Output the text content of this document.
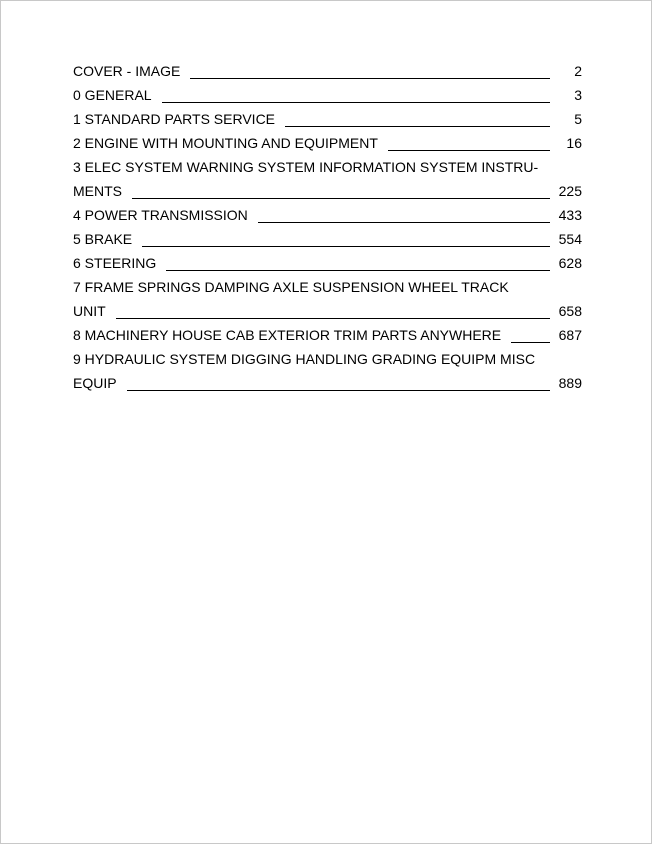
COVER - IMAGE	2
0 GENERAL	3
1 STANDARD PARTS SERVICE	5
2 ENGINE WITH MOUNTING AND EQUIPMENT	16
3 ELEC SYSTEM WARNING SYSTEM INFORMATION SYSTEM INSTRU-
MENTS	225
4 POWER TRANSMISSION	433
5 BRAKE	554
6 STEERING	628
7 FRAME SPRINGS DAMPING AXLE SUSPENSION WHEEL TRACK
UNIT	658
8 MACHINERY HOUSE CAB EXTERIOR TRIM PARTS ANYWHERE	687
9 HYDRAULIC SYSTEM DIGGING HANDLING GRADING EQUIPM MISC
EQUIP	889
